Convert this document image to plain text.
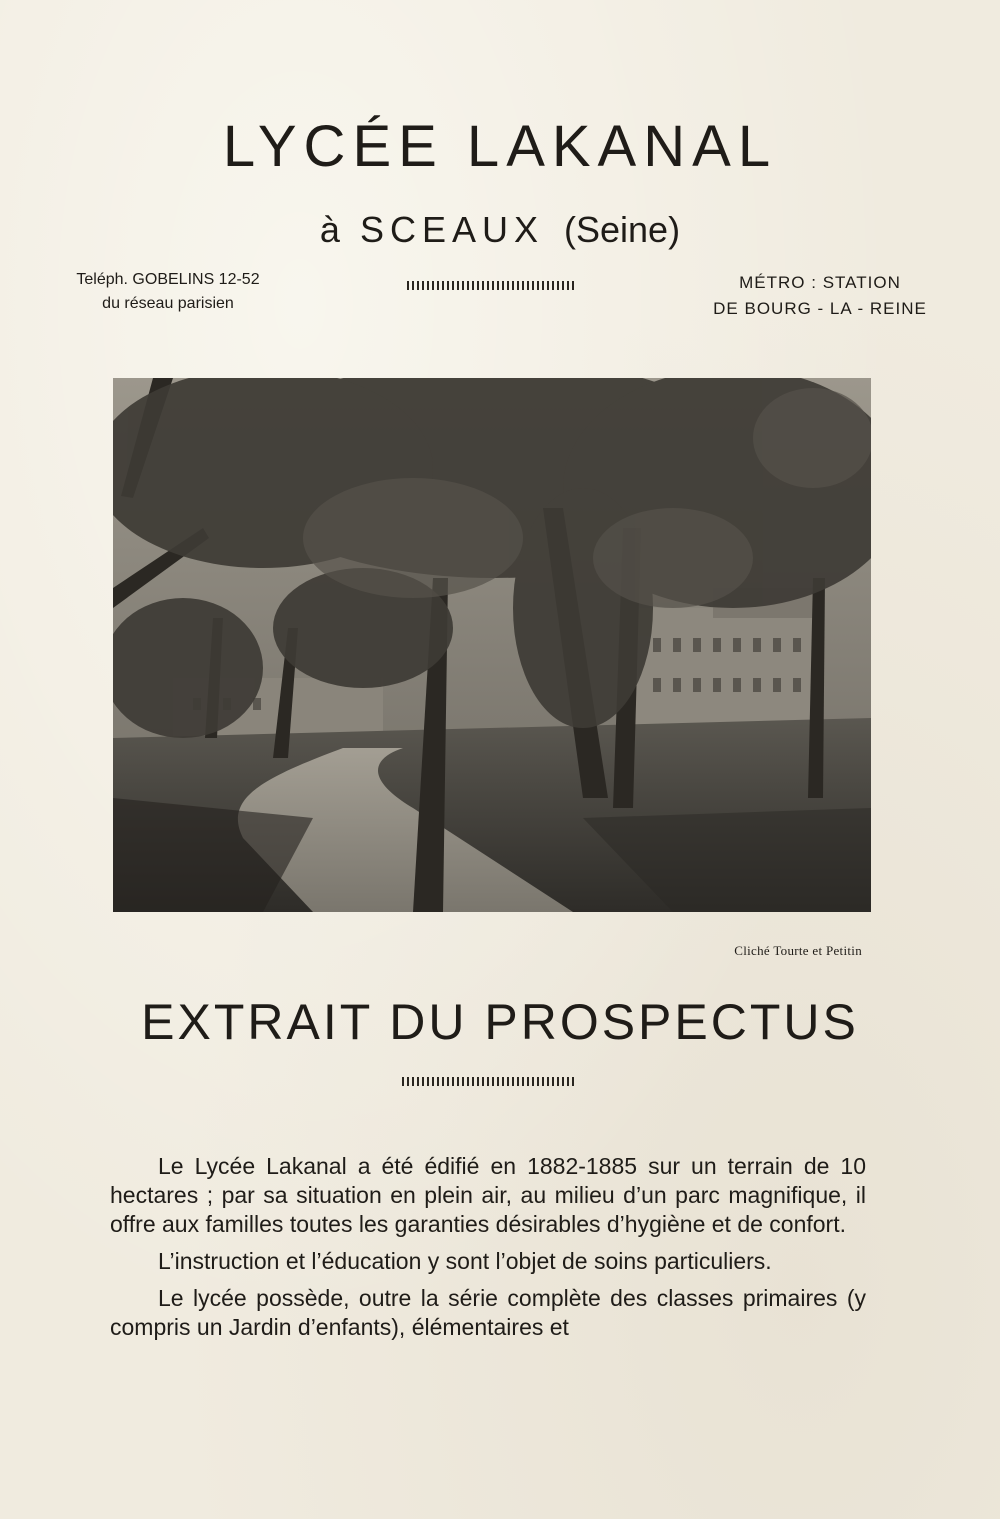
LYCÉE LAKANAL
à SCEAUX (Seine)
Teléph. GOBELINS 12-52
du réseau parisien
MÉTRO : STATION
DE BOURG - LA - REINE
Cliché Tourte et Petitin
EXTRAIT DU PROSPECTUS

Le Lycée Lakanal a été édifié en 1882-1885 sur un terrain de 10 hectares ; par sa situation en plein air, au milieu d’un parc magnifique, il offre aux familles toutes les garanties désirables d’hygiène et de confort.

L’instruction et l’éducation y sont l’objet de soins particuliers.

Le lycée possède, outre la série complète des classes primaires (y compris un Jardin d’enfants), élémentaires et
